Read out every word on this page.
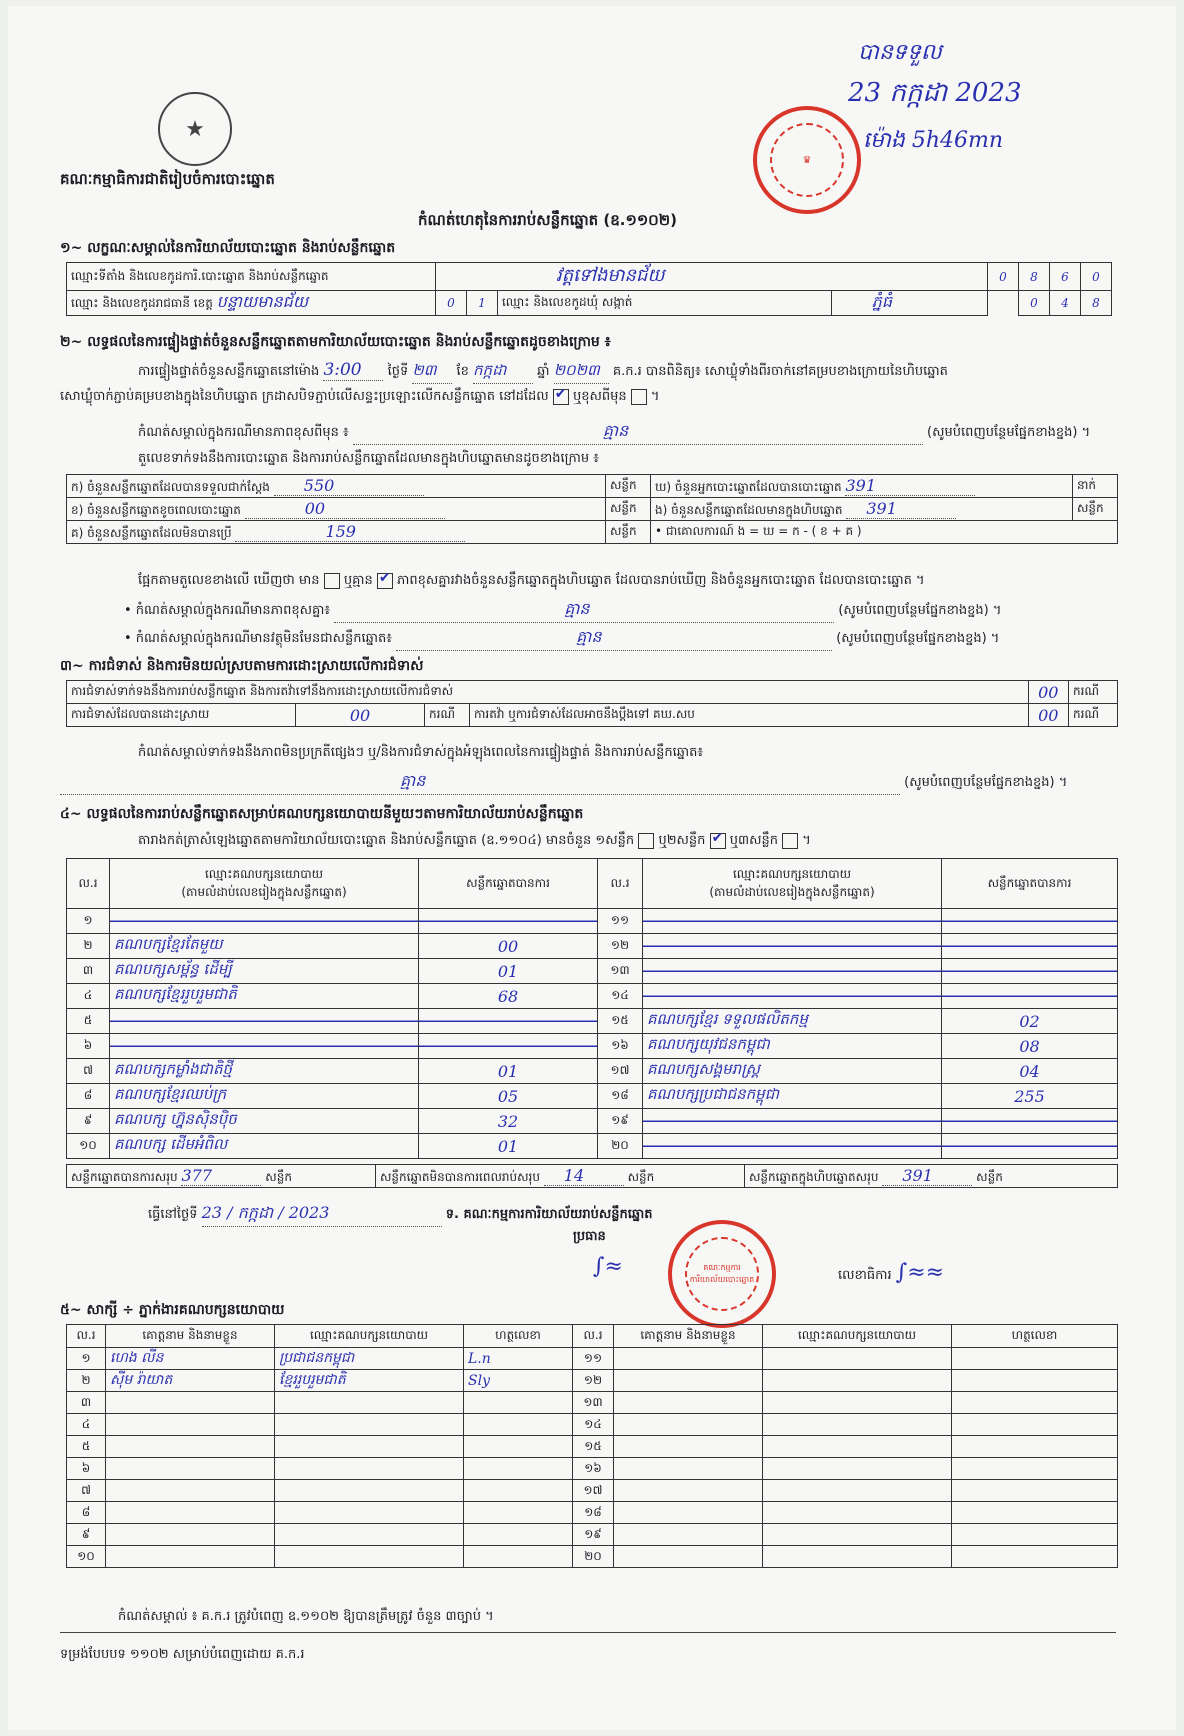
★
គណៈកម្មាធិការជាតិរៀបចំការបោះឆ្នោត
កំណត់ហេតុនៃការរាប់សន្លឹកឆ្នោត (ឧ.១១០២)
បានទទួល
23 កក្កដា 2023
ម៉ោង 5h46mn
♛
១~ លក្ខណៈសម្គាល់នៃការិយាល័យបោះឆ្នោត និងរាប់សន្លឹកឆ្នោត
ឈ្មោះទីតាំង និងលេខកូដការិ.បោះឆ្នោត និងរាប់សន្លឹកឆ្នោត	វត្តទៅងមានជ័យ				0	8	6	0
ឈ្មោះ និងលេខកូដរាជធានី ខេត្ត បន្ទាយមានជ័យ	0	1	ឈ្មោះ និងលេខកូដឃុំ សង្កាត់	ភ្នំធំ		0	4	8
២~ លទ្ធផលនៃការផ្ទៀងផ្ទាត់ចំនួនសន្លឹកឆ្នោតតាមការិយាល័យបោះឆ្នោត និងរាប់សន្លឹកឆ្នោតដូចខាងក្រោម ៖
ការផ្ទៀងផ្ទាត់ចំនួនសន្លឹកឆ្នោតនៅម៉ោង 3:00 ថ្ងៃទី ២៣ ខែ កក្កដា ឆ្នាំ ២០២៣ គ.ក.រ បានពិនិត្យ៖ សោឃ្លុំទាំងពីរចាក់នៅគម្របខាងក្រោយនៃហិបឆ្នោត
សោឃ្លុំចាក់ភ្ជាប់គម្របខាងក្នុងនៃហិបឆ្នោត ក្រដាសបិទភ្ជាប់លើសន្ទះប្រឡោះលើកសន្លឹកឆ្នោត នៅដដែល ✔ ឬខុសពីមុន  ។
កំណត់សម្គាល់ក្នុងករណីមានភាពខុសពីមុន ៖	គ្មាន	(សូមបំពេញបន្ថែមផ្នែកខាងខ្នង) ។
តួលេខទាក់ទងនឹងការបោះឆ្នោត និងការរាប់សន្លឹកឆ្នោតដែលមានក្នុងហិបឆ្នោតមានដូចខាងក្រោម ៖
ក) ចំនួនសន្លឹកឆ្នោតដែលបានទទួលជាក់ស្តែង 550	សន្លឹក	ឃ) ចំនួនអ្នកបោះឆ្នោតដែលបានបោះឆ្នោត 391	នាក់
ខ) ចំនួនសន្លឹកឆ្នោតខូចពេលបោះឆ្នោត 00	សន្លឹក	ង) ចំនួនសន្លឹកឆ្នោតដែលមានក្នុងហិបឆ្នោត 391	សន្លឹក
គ) ចំនួនសន្លឹកឆ្នោតដែលមិនបានប្រើ 159	សន្លឹក	• ជាគោលការណ៍ ង = ឃ = ក - ( ខ + គ )	
ផ្អែកតាមតួលេខខាងលើ ឃើញថា មាន ឬគ្មាន ✔ ភាពខុសគ្នារវាងចំនួនសន្លឹកឆ្នោតក្នុងហិបឆ្នោត ដែលបានរាប់ឃើញ និងចំនួនអ្នកបោះឆ្នោត ដែលបានបោះឆ្នោត ។
• កំណត់សម្គាល់ក្នុងករណីមានភាពខុសគ្នា៖	គ្មាន	(សូមបំពេញបន្ថែមផ្នែកខាងខ្នង) ។
• កំណត់សម្គាល់ក្នុងករណីមានវត្ថុមិនមែនជាសន្លឹកឆ្នោត៖	គ្មាន	(សូមបំពេញបន្ថែមផ្នែកខាងខ្នង) ។
៣~ ការជំទាស់ និងការមិនយល់ស្របតាមការដោះស្រាយលើការជំទាស់
ការជំទាស់ទាក់ទងនឹងការរាប់សន្លឹកឆ្នោត និងការតវ៉ាទៅនឹងការដោះស្រាយលើការជំទាស់				00	ករណី
ការជំទាស់ដែលបានដោះស្រាយ	00	ករណី	ការតវ៉ា ឬការជំទាស់ដែលអាចនឹងប្តឹងទៅ គឃ.សប	00	ករណី
កំណត់សម្គាល់ទាក់ទងនឹងភាពមិនប្រក្រតីផ្សេងៗ ឬ/និងការជំទាស់ក្នុងអំឡុងពេលនៃការផ្ទៀងផ្ទាត់ និងការរាប់សន្លឹកឆ្នោត៖
គ្មាន	(សូមបំពេញបន្ថែមផ្នែកខាងខ្នង) ។
៤~ លទ្ធផលនៃការរាប់សន្លឹកឆ្នោតសម្រាប់គណបក្សនយោបាយនីមួយៗតាមការិយាល័យរាប់សន្លឹកឆ្នោត
តារាងកត់ត្រាសំឡេងឆ្នោតតាមការិយាល័យបោះឆ្នោត និងរាប់សន្លឹកឆ្នោត (ឧ.១១០៤) មានចំនួន ១សន្លឹក ឬ២សន្លឹក ✔ ឬ៣សន្លឹក  ។
ល.រ	ឈ្មោះគណបក្សនយោបាយ
(តាមលំដាប់លេខរៀងក្នុងសន្លឹកឆ្នោត)	សន្លឹកឆ្នោតបានការ	ល.រ	ឈ្មោះគណបក្សនយោបាយ
(តាមលំដាប់លេខរៀងក្នុងសន្លឹកឆ្នោត)	សន្លឹកឆ្នោតបានការ
១			១១		
២	គណបក្សខ្មែរតែមួយ	00	១២		
៣	គណបក្សសម្ព័ន្ធ ដើម្បី	01	១៣		
៤	គណបក្សខ្មែររួបរួមជាតិ	68	១៤		
៥			១៥	គណបក្សខ្មែរ ទទួលផលិតកម្ម	02
៦			១៦	គណបក្សយុវជនកម្ពុជា	08
៧	គណបក្សកម្លាំងជាតិថ្មី	01	១៧	គណបក្សសង្គមរាស្ត្រ	04
៨	គណបក្សខ្មែរឈប់ក្រ	05	១៨	គណបក្សប្រជាជនកម្ពុជា	255
៩	គណបក្ស ហ្វ៊ុនស៊ិនប៉ិច	32	១៩		
១០	គណបក្ស ដើមអំពិល	01	២០		
សន្លឹកឆ្នោតបានការសរុប 377	សន្លឹក	សន្លឹកឆ្នោតមិនបានការពេលរាប់សរុប 14	សន្លឹក	សន្លឹកឆ្នោតក្នុងហិបឆ្នោតសរុប 391	សន្លឹក
ធ្វើនៅថ្ងៃទី 23 / កក្កដា / 2023	ទ. គណៈកម្មការការិយាល័យរាប់សន្លឹកឆ្នោត
ប្រធាន
∫≈	គណៈកម្មការការិយាល័យបោះឆ្នោត	លេខាធិការ ∫≈≈
៥~ សាក្សី ÷ ភ្នាក់ងារគណបក្សនយោបាយ
ល.រ	គោត្តនាម និងនាមខ្លួន	ឈ្មោះគណបក្សនយោបាយ	ហត្ថលេខា	ល.រ	គោត្តនាម និងនាមខ្លួន	ឈ្មោះគណបក្សនយោបាយ	ហត្ថលេខា
១	ហេង លីន	ប្រជាជនកម្ពុជា	L.n	១១			
២	ស៊ីម រ៉ាយាត	ខ្មែររួបរួមជាតិ	Sly	១២			
៣				១៣			
៤				១៤			
៥				១៥			
៦				១៦			
៧				១៧			
៨				១៨			
៩				១៩			
១០				២០			
កំណត់សម្គាល់ ៖ គ.ក.រ ត្រូវបំពេញ ឧ.១១០២ ឱ្យបានត្រឹមត្រូវ ចំនួន ៣ច្បាប់ ។
ទម្រង់បែបបទ ១១០២ សម្រាប់បំពេញដោយ គ.ក.រ
